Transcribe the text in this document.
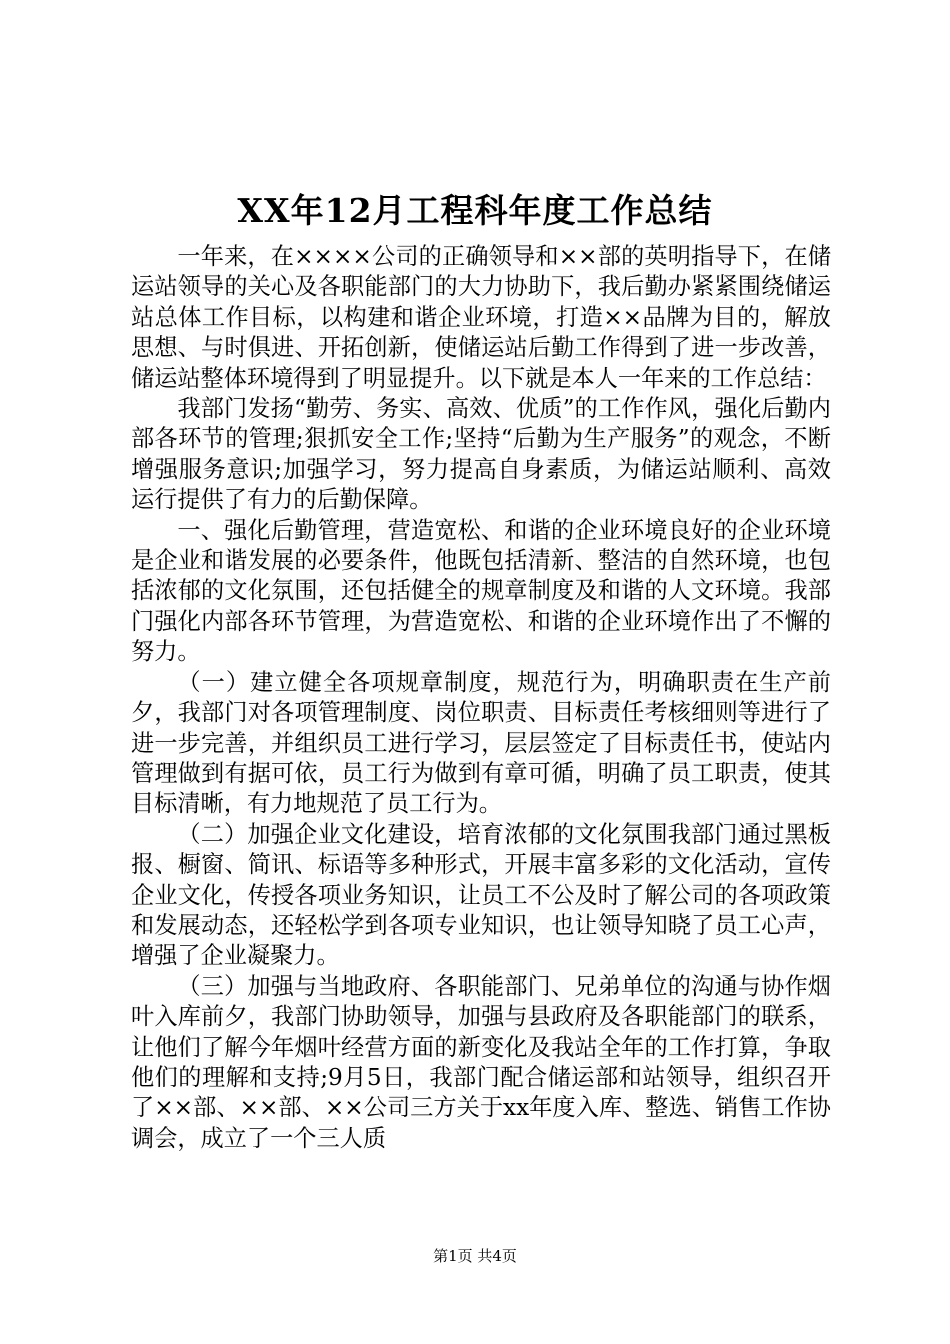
XX年12月工程科年度工作总结

一年来，在××××公司的正确领导和××部的英明指导下，在储运站领导的关心及各职能部门的大力协助下，我后勤办紧紧围绕储运站总体工作目标，以构建和谐企业环境，打造××品牌为目的，解放思想、与时俱进、开拓创新，使储运站后勤工作得到了进一步改善，储运站整体环境得到了明显提升。以下就是本人一年来的工作总结：

我部门发扬“勤劳、务实、高效、优质”的工作作风，强化后勤内部各环节的管理;狠抓安全工作;坚持“后勤为生产服务”的观念，不断增强服务意识;加强学习，努力提高自身素质，为储运站顺利、高效运行提供了有力的后勤保障。

一、强化后勤管理，营造宽松、和谐的企业环境良好的企业环境是企业和谐发展的必要条件，他既包括清新、整洁的自然环境，也包括浓郁的文化氛围，还包括健全的规章制度及和谐的人文环境。我部门强化内部各环节管理，为营造宽松、和谐的企业环境作出了不懈的努力。

（一）建立健全各项规章制度，规范行为，明确职责在生产前夕，我部门对各项管理制度、岗位职责、目标责任考核细则等进行了进一步完善，并组织员工进行学习，层层签定了目标责任书，使站内管理做到有据可依，员工行为做到有章可循，明确了员工职责，使其目标清晰，有力地规范了员工行为。

（二）加强企业文化建设，培育浓郁的文化氛围我部门通过黑板报、橱窗、简讯、标语等多种形式，开展丰富多彩的文化活动，宣传企业文化，传授各项业务知识，让员工不公及时了解公司的各项政策和发展动态，还轻松学到各项专业知识，也让领导知晓了员工心声，增强了企业凝聚力。

（三）加强与当地政府、各职能部门、兄弟单位的沟通与协作烟叶入库前夕，我部门协助领导，加强与县政府及各职能部门的联系，让他们了解今年烟叶经营方面的新变化及我站全年的工作打算，争取他们的理解和支持;9月5日，我部门配合储运部和站领导，组织召开了××部、××部、××公司三方关于xx年度入库、整选、销售工作协调会，成立了一个三人质

第1页 共4页
